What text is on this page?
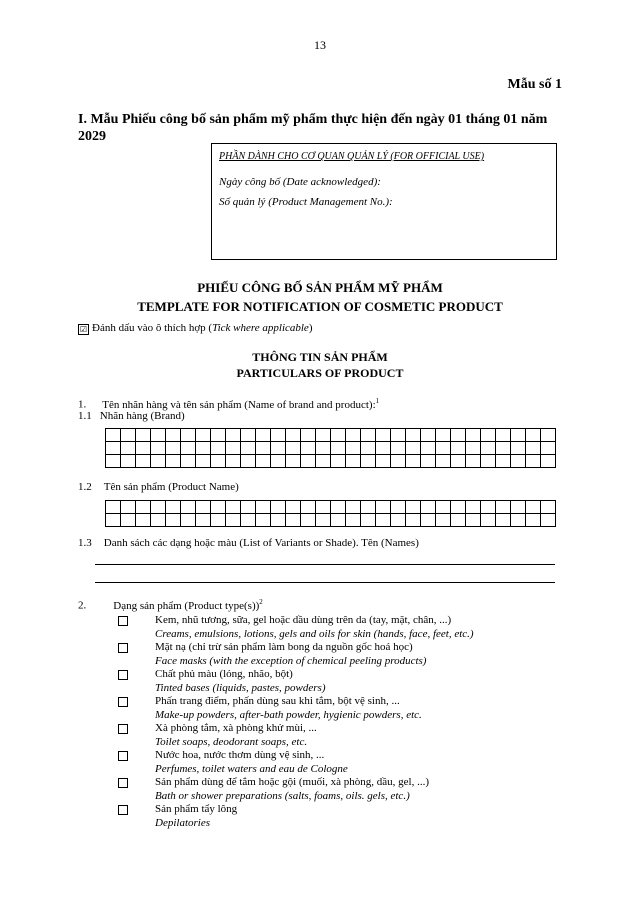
13
Mẫu số 1
I. Mẫu Phiếu công bố sản phẩm mỹ phẩm thực hiện đến ngày 01 tháng 01 năm 2029
PHẦN DÀNH CHO CƠ QUAN QUẢN LÝ (FOR OFFICIAL USE)
Ngày công bố (Date acknowledged):
Số quản lý (Product Management No.):
PHIẾU CÔNG BỐ SẢN PHẨM MỸ PHẨM
TEMPLATE FOR NOTIFICATION OF COSMETIC PRODUCT
☑ Đánh dấu vào ô thích hợp (Tick where applicable)
THÔNG TIN SẢN PHẨM
PARTICULARS OF PRODUCT
1. Tên nhãn hàng và tên sản phẩm (Name of brand and product):$^1$
1.1 Nhãn hàng (Brand)

1.2 Tên sản phẩm (Product Name)

1.3 Danh sách các dạng hoặc màu (List of Variants or Shade). Tên (Names)
2. Dạng sản phẩm (Product type(s))$^2$
Kem, nhũ tương, sữa, gel hoặc dầu dùng trên da (tay, mặt, chân, ...)
Creams, emulsions, lotions, gels and oils for skin (hands, face, feet, etc.)
Mặt nạ (chỉ trừ sản phẩm làm bong da nguồn gốc hoá học)
Face masks (with the exception of chemical peeling products)
Chất phủ màu (lỏng, nhão, bột)
Tinted bases (liquids, pastes, powders)
Phấn trang điểm, phấn dùng sau khi tắm, bột vệ sinh, ...
Make-up powders, after-bath powder, hygienic powders, etc.
Xà phòng tắm, xà phòng khử mùi, ...
Toilet soaps, deodorant soaps, etc.
Nước hoa, nước thơm dùng vệ sinh, ...
Perfumes, toilet waters and eau de Cologne
Sản phẩm dùng để tắm hoặc gội (muối, xà phòng, dầu, gel, ...)
Bath or shower preparations (salts, foams, oils. gels, etc.)
Sản phẩm tẩy lông
Depilatories
